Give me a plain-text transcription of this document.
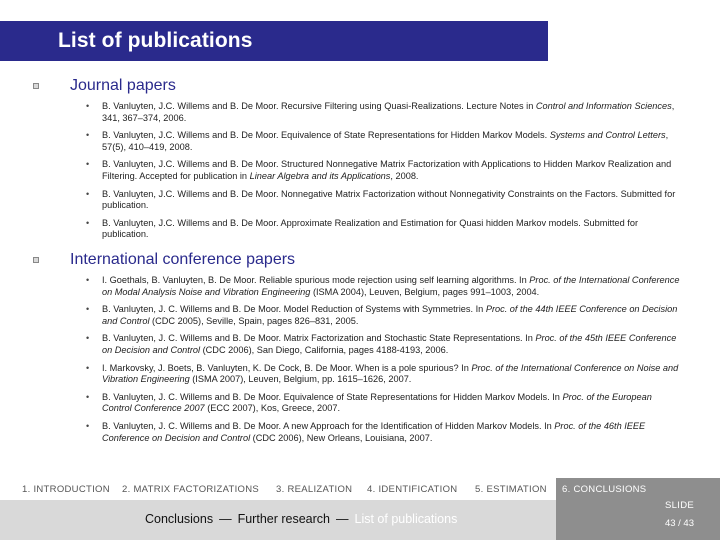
List of publications
Journal papers
• B. Vanluyten, J.C. Willems and B. De Moor. Recursive Filtering using Quasi-Realizations. Lecture Notes in Control and Information Sciences, 341, 367–374, 2006.
• B. Vanluyten, J.C. Willems and B. De Moor. Equivalence of State Representations for Hidden Markov Models. Systems and Control Letters, 57(5), 410–419, 2008.
• B. Vanluyten, J.C. Willems and B. De Moor. Structured Nonnegative Matrix Factorization with Applications to Hidden Markov Realization and Filtering. Accepted for publication in Linear Algebra and its Applications, 2008.
• B. Vanluyten, J.C. Willems and B. De Moor. Nonnegative Matrix Factorization without Nonnegativity Constraints on the Factors. Submitted for publication.
• B. Vanluyten, J.C. Willems and B. De Moor. Approximate Realization and Estimation for Quasi hidden Markov models. Submitted for publication.
International conference papers
• I. Goethals, B. Vanluyten, B. De Moor. Reliable spurious mode rejection using self learning algorithms. In Proc. of the International Conference on Modal Analysis Noise and Vibration Engineering (ISMA 2004), Leuven, Belgium, pages 991–1003, 2004.
• B. Vanluyten, J. C. Willems and B. De Moor. Model Reduction of Systems with Symmetries. In Proc. of the 44th IEEE Conference on Decision and Control (CDC 2005), Seville, Spain, pages 826–831, 2005.
• B. Vanluyten, J. C. Willems and B. De Moor. Matrix Factorization and Stochastic State Representations. In Proc. of the 45th IEEE Conference on Decision and Control (CDC 2006), San Diego, California, pages 4188-4193, 2006.
• I. Markovsky, J. Boets, B. Vanluyten, K. De Cock, B. De Moor. When is a pole spurious? In Proc. of the International Conference on Noise and Vibration Engineering (ISMA 2007), Leuven, Belgium, pp. 1615–1626, 2007.
• B. Vanluyten, J. C. Willems and B. De Moor. Equivalence of State Representations for Hidden Markov Models. In Proc. of the European Control Conference 2007 (ECC 2007), Kos, Greece, 2007.
• B. Vanluyten, J. C. Willems and B. De Moor. A new Approach for the Identification of Hidden Markov Models. In Proc. of the 46th IEEE Conference on Decision and Control (CDC 2006), New Orleans, Louisiana, 2007.
1. INTRODUCTION 2. MATRIX FACTORIZATIONS 3. REALIZATION 4. IDENTIFICATION 5. ESTIMATION 6. CONCLUSIONS
Conclusions — Further research — List of publications
SLIDE
43 / 43
